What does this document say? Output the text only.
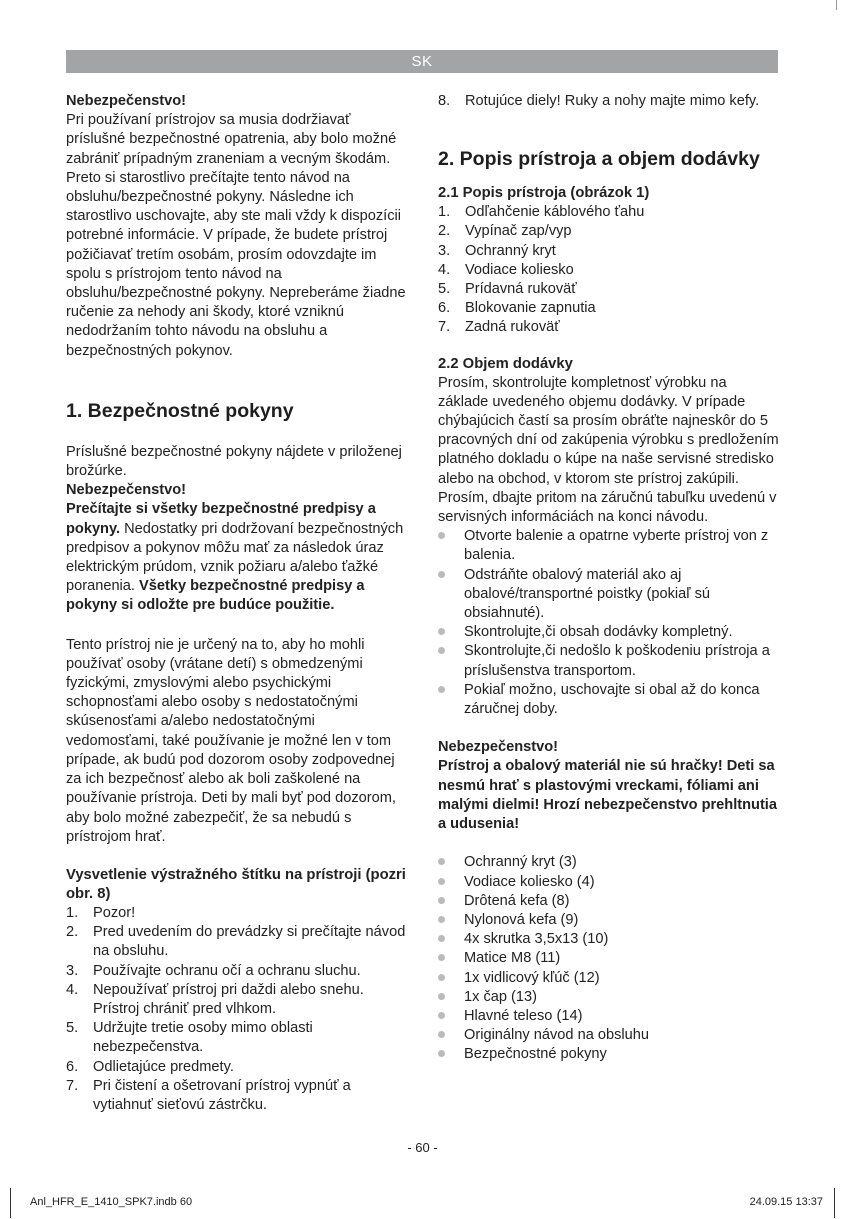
SK

Nebezpečenstvo!

Pri používaní prístrojov sa musia dodržiavať príslušné bezpečnostné opatrenia, aby bolo možné zabrániť prípadným zraneniam a vecným škodám. Preto si starostlivo prečítajte tento návod na obsluhu/bezpečnostné pokyny. Následne ich starostlivo uschovajte, aby ste mali vždy k dispozícii potrebné informácie. V prípade, že budete prístroj požičiavať tretím osobám, prosím odovzdajte im spolu s prístrojom tento návod na obsluhu/bezpečnostné pokyny. Nepreberáme žiadne ručenie za nehody ani škody, ktoré vzniknú nedodržaním tohto návodu na obsluhu a bezpečnostných pokynov.

1. Bezpečnostné pokyny

Príslušné bezpečnostné pokyny nájdete v priloženej brožúrke.

Nebezpečenstvo!

Prečítajte si všetky bezpečnostné predpisy a pokyny. Nedostatky pri dodržovaní bezpečnostných predpisov a pokynov môžu mať za následok úraz elektrickým prúdom, vznik požiaru a/alebo ťažké poranenia. Všetky bezpečnostné predpisy a pokyny si odložte pre budúce použitie.

Tento prístroj nie je určený na to, aby ho mohli používať osoby (vrátane detí) s obmedzenými fyzickými, zmyslovými alebo psychickými schopnosťami alebo osoby s nedostatočnými skúsenosťami a/alebo nedostatočnými vedomosťami, také používanie je možné len v tom prípade, ak budú pod dozorom osoby zodpovednej za ich bezpečnosť alebo ak boli zaškolené na používanie prístroja. Deti by mali byť pod dozorom, aby bolo možné zabezpečiť, že sa nebudú s prístrojom hrať.

Vysvetlenie výstražného štítku na prístroji (pozri obr. 8)
1. Pozor!
2. Pred uvedením do prevádzky si prečítajte návod na obsluhu.
3. Používajte ochranu očí a ochranu sluchu.
4. Nepoužívať prístroj pri daždi alebo snehu. Prístroj chrániť pred vlhkom.
5. Udržujte tretie osoby mimo oblasti nebezpečenstva.
6. Odlietajúce predmety.
7. Pri čistení a ošetrovaní prístroj vypnúť a vytiahnuť sieťovú zástrčku.
8. Rotujúce diely! Ruky a nohy majte mimo kefy.
2. Popis prístroja a objem dodávky
2.1 Popis prístroja (obrázok 1)
1. Odľahčenie káblového ťahu
2. Vypínač zap/vyp
3. Ochranný kryt
4. Vodiace koliesko
5. Prídavná rukoväť
6. Blokovanie zapnutia
7. Zadná rukoväť
2.2 Objem dodávky

Prosím, skontrolujte kompletnosť výrobku na základe uvedeného objemu dodávky. V prípade chýbajúcich častí sa prosím obráťte najneskôr do 5 pracovných dní od zakúpenia výrobku s predložením platného dokladu o kúpe na naše servisné stredisko alebo na obchod, v ktorom ste prístroj zakúpili. Prosím, dbajte pritom na záručnú tabuľku uvedenú v servisných informáciách na konci návodu.

Otvorte balenie a opatrne vyberte prístroj von z balenia.
Odstráňte obalový materiál ako aj obalové/transportné poistky (pokiaľ sú obsiahnuté).
Skontrolujte,či obsah dodávky kompletný.
Skontrolujte,či nedošlo k poškodeniu prístroja a príslušenstva transportom.
Pokiaľ možno, uschovajte si obal až do konca záručnej doby.

Nebezpečenstvo!

Prístroj a obalový materiál nie sú hračky! Deti sa nesmú hrať s plastovými vreckami, fóliami ani malými dielmi! Hrozí nebezpečenstvo prehltnutia a udusenia!

Ochranný kryt (3)
Vodiace koliesko (4)
Drôtená kefa (8)
Nylonová kefa (9)
4x skrutka 3,5x13 (10)
Matice M8 (11)
1x vidlicový kľúč (12)
1x čap (13)
Hlavné teleso (14)
Originálny návod na obsluhu
Bezpečnostné pokyny
- 60 -
Anl_HFR_E_1410_SPK7.indb 60	24.09.15 13:37
